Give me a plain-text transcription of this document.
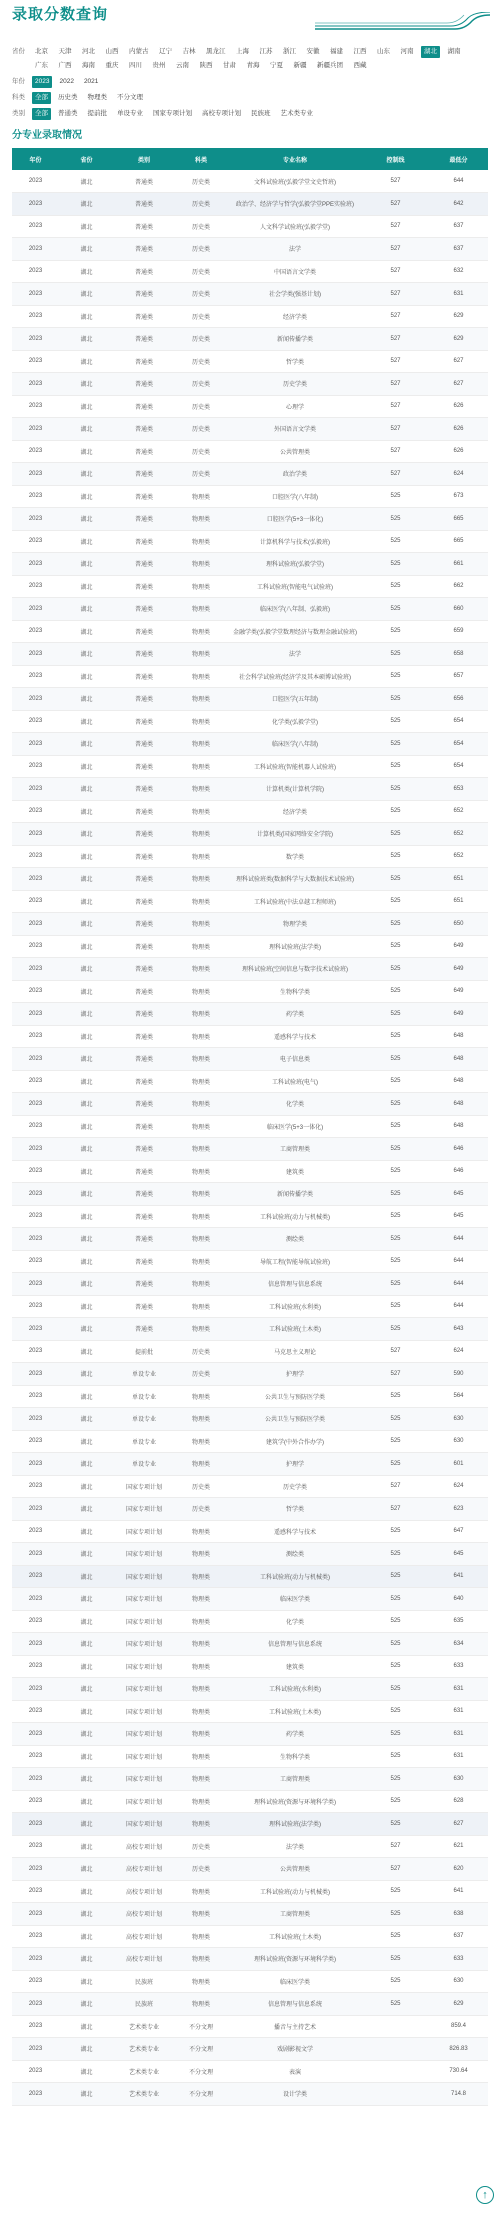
录取分数查询
省份	北京	天津	河北	山西	内蒙古	辽宁	吉林	黑龙江	上海	江苏	浙江	安徽	福建	江西	山东	河南	湖北	湖南
广东	广西	海南	重庆	四川	贵州	云南	陕西	甘肃	青海	宁夏	新疆	新疆兵团	西藏
年份	2023	2022	2021
科类	全部	历史类	物理类	不分文理
类别	全部	普通类	提前批	单设专业	国家专项计划	高校专项计划	民族班	艺术类专业
分专业录取情况
年份	省份	类别	科类	专业名称	控制线	最低分
2023	湖北	普通类	历史类	文科试验班(弘毅学堂文史哲班)	527	644
2023	湖北	普通类	历史类	政治学、经济学与哲学(弘毅学堂PPE实验班)	527	642
2023	湖北	普通类	历史类	人文科学试验班(弘毅学堂)	527	637
2023	湖北	普通类	历史类	法学	527	637
2023	湖北	普通类	历史类	中国语言文学类	527	632
2023	湖北	普通类	历史类	社会学类(强基计划)	527	631
2023	湖北	普通类	历史类	经济学类	527	629
2023	湖北	普通类	历史类	新闻传播学类	527	629
2023	湖北	普通类	历史类	哲学类	527	627
2023	湖北	普通类	历史类	历史学类	527	627
2023	湖北	普通类	历史类	心理学	527	626
2023	湖北	普通类	历史类	外国语言文学类	527	626
2023	湖北	普通类	历史类	公共管理类	527	626
2023	湖北	普通类	历史类	政治学类	527	624
2023	湖北	普通类	物理类	口腔医学(八年制)	525	673
2023	湖北	普通类	物理类	口腔医学(5+3一体化)	525	665
2023	湖北	普通类	物理类	计算机科学与技术(弘毅班)	525	665
2023	湖北	普通类	物理类	理科试验班(弘毅学堂)	525	661
2023	湖北	普通类	物理类	工科试验班(智能电气试验班)	525	662
2023	湖北	普通类	物理类	临床医学(八年制、弘毅班)	525	660
2023	湖北	普通类	物理类	金融学类(弘毅学堂数理经济与数理金融试验班)	525	659
2023	湖北	普通类	物理类	法学	525	658
2023	湖北	普通类	物理类	社会科学试验班(经济学及其本硕博试验班)	525	657
2023	湖北	普通类	物理类	口腔医学(五年制)	525	656
2023	湖北	普通类	物理类	化学类(弘毅学堂)	525	654
2023	湖北	普通类	物理类	临床医学(八年制)	525	654
2023	湖北	普通类	物理类	工科试验班(智能机器人试验班)	525	654
2023	湖北	普通类	物理类	计算机类(计算机学院)	525	653
2023	湖北	普通类	物理类	经济学类	525	652
2023	湖北	普通类	物理类	计算机类(国家网络安全学院)	525	652
2023	湖北	普通类	物理类	数学类	525	652
2023	湖北	普通类	物理类	理科试验班类(数据科学与大数据技术试验班)	525	651
2023	湖北	普通类	物理类	工科试验班(中法卓越工程师班)	525	651
2023	湖北	普通类	物理类	物理学类	525	650
2023	湖北	普通类	物理类	理科试验班(法学类)	525	649
2023	湖北	普通类	物理类	理科试验班(空间信息与数字技术试验班)	525	649
2023	湖北	普通类	物理类	生物科学类	525	649
2023	湖北	普通类	物理类	药学类	525	649
2023	湖北	普通类	物理类	遥感科学与技术	525	648
2023	湖北	普通类	物理类	电子信息类	525	648
2023	湖北	普通类	物理类	工科试验班(电气)	525	648
2023	湖北	普通类	物理类	化学类	525	648
2023	湖北	普通类	物理类	临床医学(5+3一体化)	525	648
2023	湖北	普通类	物理类	工商管理类	525	646
2023	湖北	普通类	物理类	建筑类	525	646
2023	湖北	普通类	物理类	新闻传播学类	525	645
2023	湖北	普通类	物理类	工科试验班(动力与机械类)	525	645
2023	湖北	普通类	物理类	测绘类	525	644
2023	湖北	普通类	物理类	导航工程(智能导航试验班)	525	644
2023	湖北	普通类	物理类	信息管理与信息系统	525	644
2023	湖北	普通类	物理类	工科试验班(水利类)	525	644
2023	湖北	普通类	物理类	工科试验班(土木类)	525	643
2023	湖北	提前批	历史类	马克思主义理论	527	624
2023	湖北	单设专业	历史类	护理学	527	590
2023	湖北	单设专业	物理类	公共卫生与预防医学类	525	564
2023	湖北	单设专业	物理类	公共卫生与预防医学类	525	630
2023	湖北	单设专业	物理类	建筑学(中外合作办学)	525	630
2023	湖北	单设专业	物理类	护理学	525	601
2023	湖北	国家专项计划	历史类	历史学类	527	624
2023	湖北	国家专项计划	历史类	哲学类	527	623
2023	湖北	国家专项计划	物理类	遥感科学与技术	525	647
2023	湖北	国家专项计划	物理类	测绘类	525	645
2023	湖北	国家专项计划	物理类	工科试验班(动力与机械类)	525	641
2023	湖北	国家专项计划	物理类	临床医学类	525	640
2023	湖北	国家专项计划	物理类	化学类	525	635
2023	湖北	国家专项计划	物理类	信息管理与信息系统	525	634
2023	湖北	国家专项计划	物理类	建筑类	525	633
2023	湖北	国家专项计划	物理类	工科试验班(水利类)	525	631
2023	湖北	国家专项计划	物理类	工科试验班(土木类)	525	631
2023	湖北	国家专项计划	物理类	药学类	525	631
2023	湖北	国家专项计划	物理类	生物科学类	525	631
2023	湖北	国家专项计划	物理类	工商管理类	525	630
2023	湖北	国家专项计划	物理类	理科试验班(资源与环境科学类)	525	628
2023	湖北	国家专项计划	物理类	理科试验班(法学类)	525	627
2023	湖北	高校专项计划	历史类	法学类	527	621
2023	湖北	高校专项计划	历史类	公共管理类	527	620
2023	湖北	高校专项计划	物理类	工科试验班(动力与机械类)	525	641
2023	湖北	高校专项计划	物理类	工商管理类	525	638
2023	湖北	高校专项计划	物理类	工科试验班(土木类)	525	637
2023	湖北	高校专项计划	物理类	理科试验班(资源与环境科学类)	525	633
2023	湖北	民族班	物理类	临床医学类	525	630
2023	湖北	民族班	物理类	信息管理与信息系统	525	629
2023	湖北	艺术类专业	不分文理	播音与主持艺术		859.4
2023	湖北	艺术类专业	不分文理	戏剧影视文学		826.83
2023	湖北	艺术类专业	不分文理	表演		730.64
2023	湖北	艺术类专业	不分文理	设计学类		714.8
↑
